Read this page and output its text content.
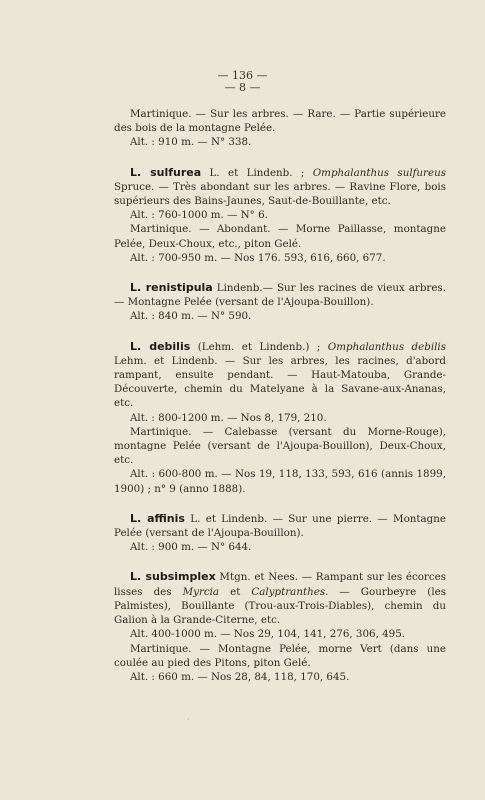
— 136 —
— 8 —

Martinique. — Sur les arbres. — Rare. — Partie supérieure des bois de la montagne Pelée.

Alt. : 910 m. — N° 338.

L. sulfurea L. et Lindenb. ; Omphalanthus sulfureus Spruce. — Très abondant sur les arbres. — Ravine Flore, bois supérieurs des Bains-Jaunes, Saut-de-Bouillante, etc.

Alt. : 760-1000 m. — N° 6.

Martinique. — Abondant. — Morne Paillasse, montagne Pelée, Deux-Choux, etc., piton Gelé.

Alt. : 700-950 m. — Nos 176. 593, 616, 660, 677.

L. renistipula Lindenb.— Sur les racines de vieux arbres. — Montagne Pelée (versant de l'Ajoupa-Bouillon).

Alt. : 840 m. — N° 590.

L. debilis (Lehm. et Lindenb.) ; Omphalanthus debilis Lehm. et Lindenb. — Sur les arbres, les racines, d'abord rampant, ensuite pendant. — Haut-Matouba, Grande-Découverte, chemin du Matelyane à la Savane-aux-Ananas, etc.

Alt. : 800-1200 m. — Nos 8, 179, 210.

Martinique. — Calebasse (versant du Morne-Rouge), montagne Pelée (versant de l'Ajoupa-Bouillon), Deux-Choux, etc.

Alt. : 600-800 m. — Nos 19, 118, 133, 593, 616 (annis 1899, 1900) ; n° 9 (anno 1888).

L. affinis L. et Lindenb. — Sur une pierre. — Montagne Pelée (versant de l'Ajoupa-Bouillon).

Alt. : 900 m. — N° 644.

L. subsimplex Mtgn. et Nees. — Rampant sur les écorces lisses des Myrcia et Calyptranthes. — Gourbeyre (les Palmistes), Bouillante (Trou-aux-Trois-Diables), chemin du Galion à la Grande-Citerne, etc.

Alt. 400-1000 m. — Nos 29, 104, 141, 276, 306, 495.

Martinique. — Montagne Pelée, morne Vert (dans une coulée au pied des Pitons, piton Gelé.

Alt. : 660 m. — Nos 28, 84, 118, 170, 645.

·
